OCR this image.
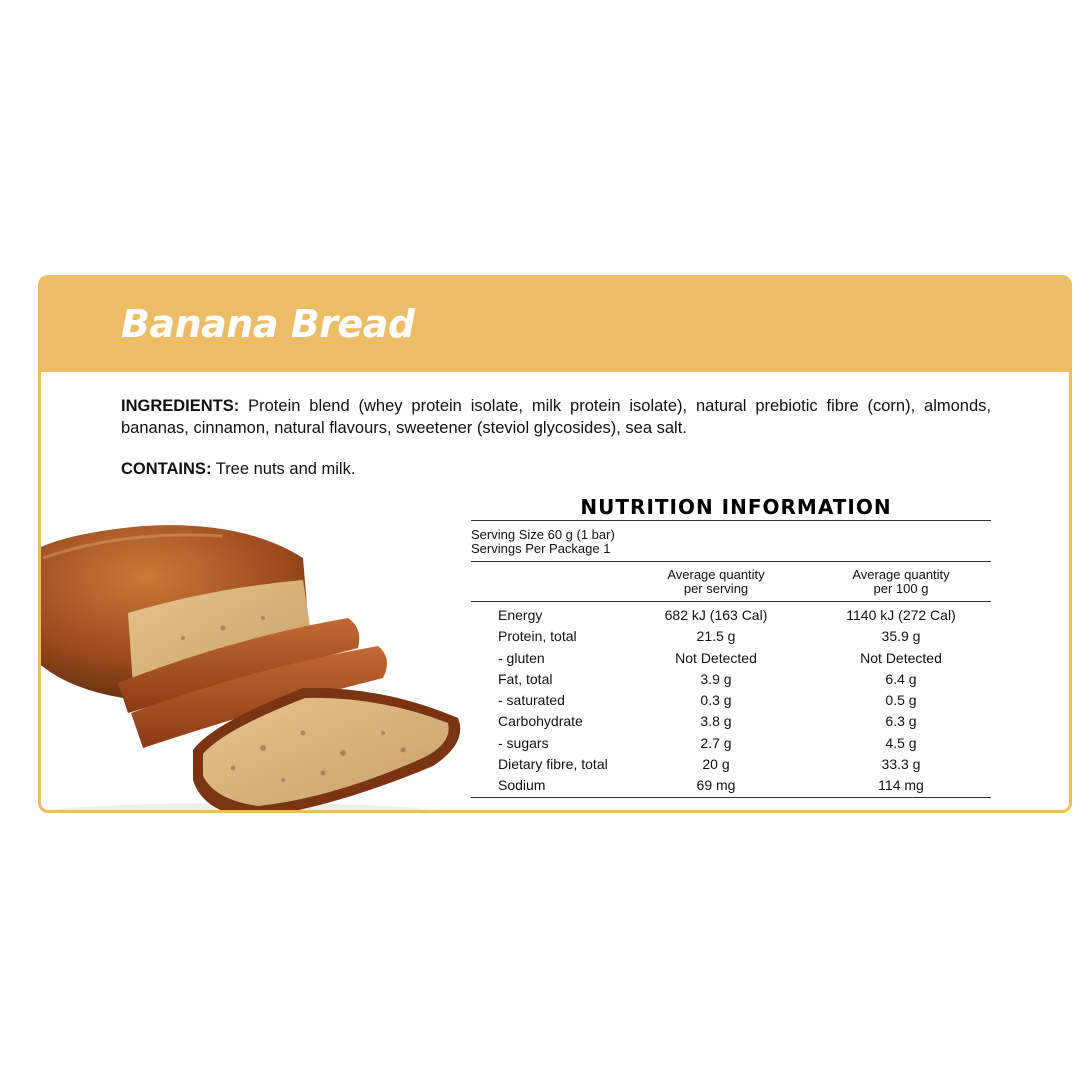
Banana Bread

INGREDIENTS: Protein blend (whey protein isolate, milk protein isolate), natural prebiotic fibre (corn), almonds, bananas, cinnamon, natural flavours, sweetener (steviol glycosides), sea salt.

CONTAINS: Tree nuts and milk.

NUTRITION INFORMATION
Serving Size 60 g (1 bar)
Servings Per Package 1
Average quantity
per serving
Average quantity
per 100 g
Energy	682 kJ (163 Cal)	1140 kJ (272 Cal)
Protein, total	21.5 g	35.9 g
- gluten	Not Detected	Not Detected
Fat, total	3.9 g	6.4 g
- saturated	0.3 g	0.5 g
Carbohydrate	3.8 g	6.3 g
- sugars	2.7 g	4.5 g
Dietary fibre, total	20 g	33.3 g
Sodium	69 mg	114 mg
